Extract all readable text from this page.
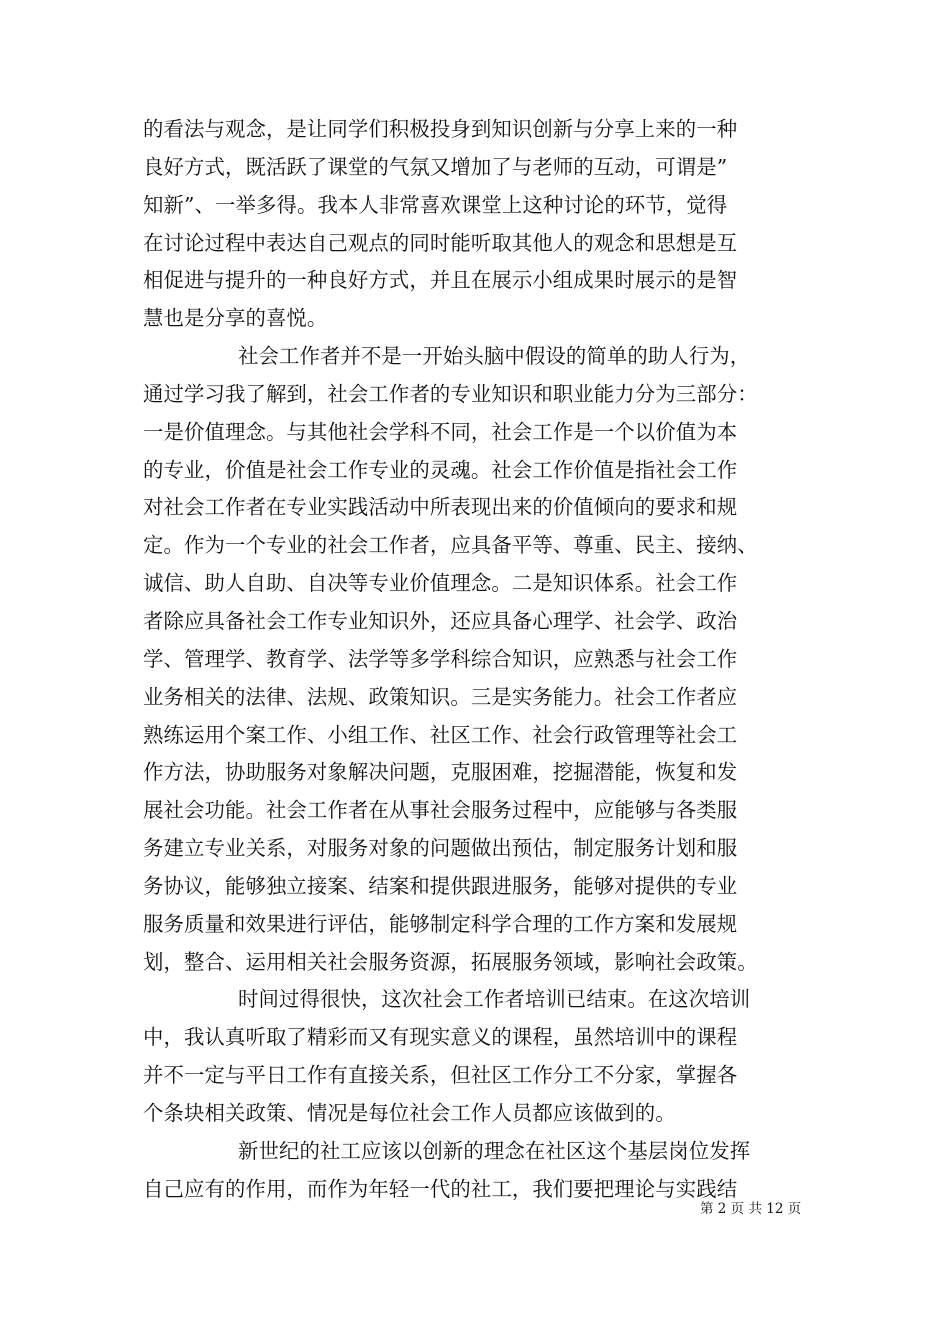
的看法与观念，是让同学们积极投身到知识创新与分享上来的一种
良好方式，既活跃了课堂的气氛又增加了与老师的互动，可谓是”
知新”、一举多得。我本人非常喜欢课堂上这种讨论的环节，觉得
在讨论过程中表达自己观点的同时能听取其他人的观念和思想是互
相促进与提升的一种良好方式，并且在展示小组成果时展示的是智
慧也是分享的喜悦。
社会工作者并不是一开始头脑中假设的简单的助人行为，
通过学习我了解到，社会工作者的专业知识和职业能力分为三部分：
一是价值理念。与其他社会学科不同，社会工作是一个以价值为本
的专业，价值是社会工作专业的灵魂。社会工作价值是指社会工作
对社会工作者在专业实践活动中所表现出来的价值倾向的要求和规
定。作为一个专业的社会工作者，应具备平等、尊重、民主、接纳、
诚信、助人自助、自决等专业价值理念。二是知识体系。社会工作
者除应具备社会工作专业知识外，还应具备心理学、社会学、政治
学、管理学、教育学、法学等多学科综合知识，应熟悉与社会工作
业务相关的法律、法规、政策知识。三是实务能力。社会工作者应
熟练运用个案工作、小组工作、社区工作、社会行政管理等社会工
作方法，协助服务对象解决问题，克服困难，挖掘潜能，恢复和发
展社会功能。社会工作者在从事社会服务过程中，应能够与各类服
务建立专业关系，对服务对象的问题做出预估，制定服务计划和服
务协议，能够独立接案、结案和提供跟进服务，能够对提供的专业
服务质量和效果进行评估，能够制定科学合理的工作方案和发展规
划，整合、运用相关社会服务资源，拓展服务领域，影响社会政策。
时间过得很快，这次社会工作者培训已结束。在这次培训
中，我认真听取了精彩而又有现实意义的课程，虽然培训中的课程
并不一定与平日工作有直接关系，但社区工作分工不分家，掌握各
个条块相关政策、情况是每位社会工作人员都应该做到的。
新世纪的社工应该以创新的理念在社区这个基层岗位发挥
自己应有的作用，而作为年轻一代的社工，我们要把理论与实践结
第 2 页 共 12 页
